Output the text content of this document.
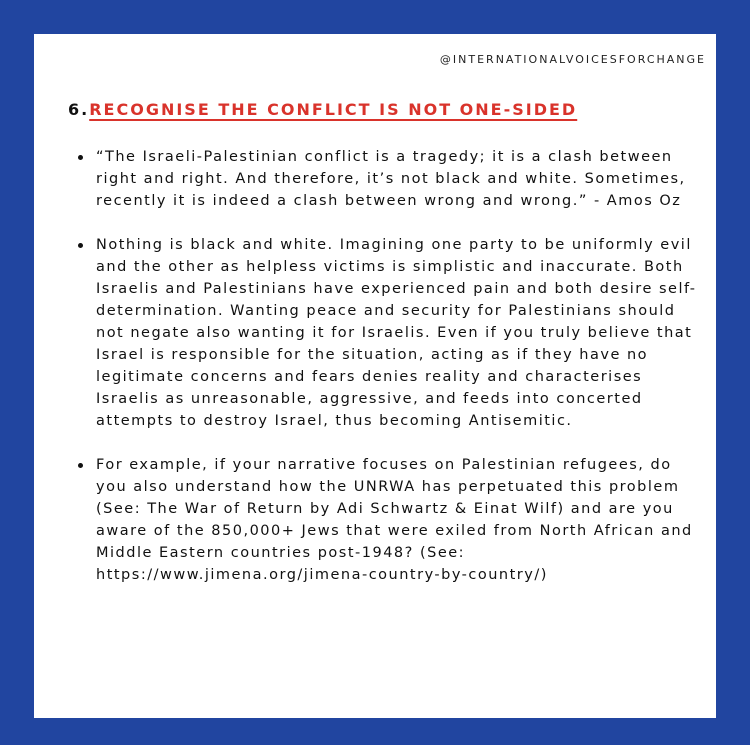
@INTERNATIONALVOICESFORCHANGE
6.RECOGNISE THE CONFLICT IS NOT ONE-SIDED
“The Israeli-Palestinian conflict is a tragedy; it is a clash between right and right. And therefore, it’s not black and white. Sometimes, recently it is indeed a clash between wrong and wrong.” - Amos Oz
Nothing is black and white. Imagining one party to be uniformly evil and the other as helpless victims is simplistic and inaccurate. Both Israelis and Palestinians have experienced pain and both desire self-determination. Wanting peace and security for Palestinians should not negate also wanting it for Israelis. Even if you truly believe that Israel is responsible for the situation, acting as if they have no legitimate concerns and fears denies reality and characterises Israelis as unreasonable, aggressive, and feeds into concerted attempts to destroy Israel, thus becoming Antisemitic.
For example, if your narrative focuses on Palestinian refugees, do you also understand how the UNRWA has perpetuated this problem (See: The War of Return by Adi Schwartz & Einat Wilf) and are you aware of the 850,000+ Jews that were exiled from North African and Middle Eastern countries post-1948? (See: https://www.jimena.org/jimena-country-by-country/)
